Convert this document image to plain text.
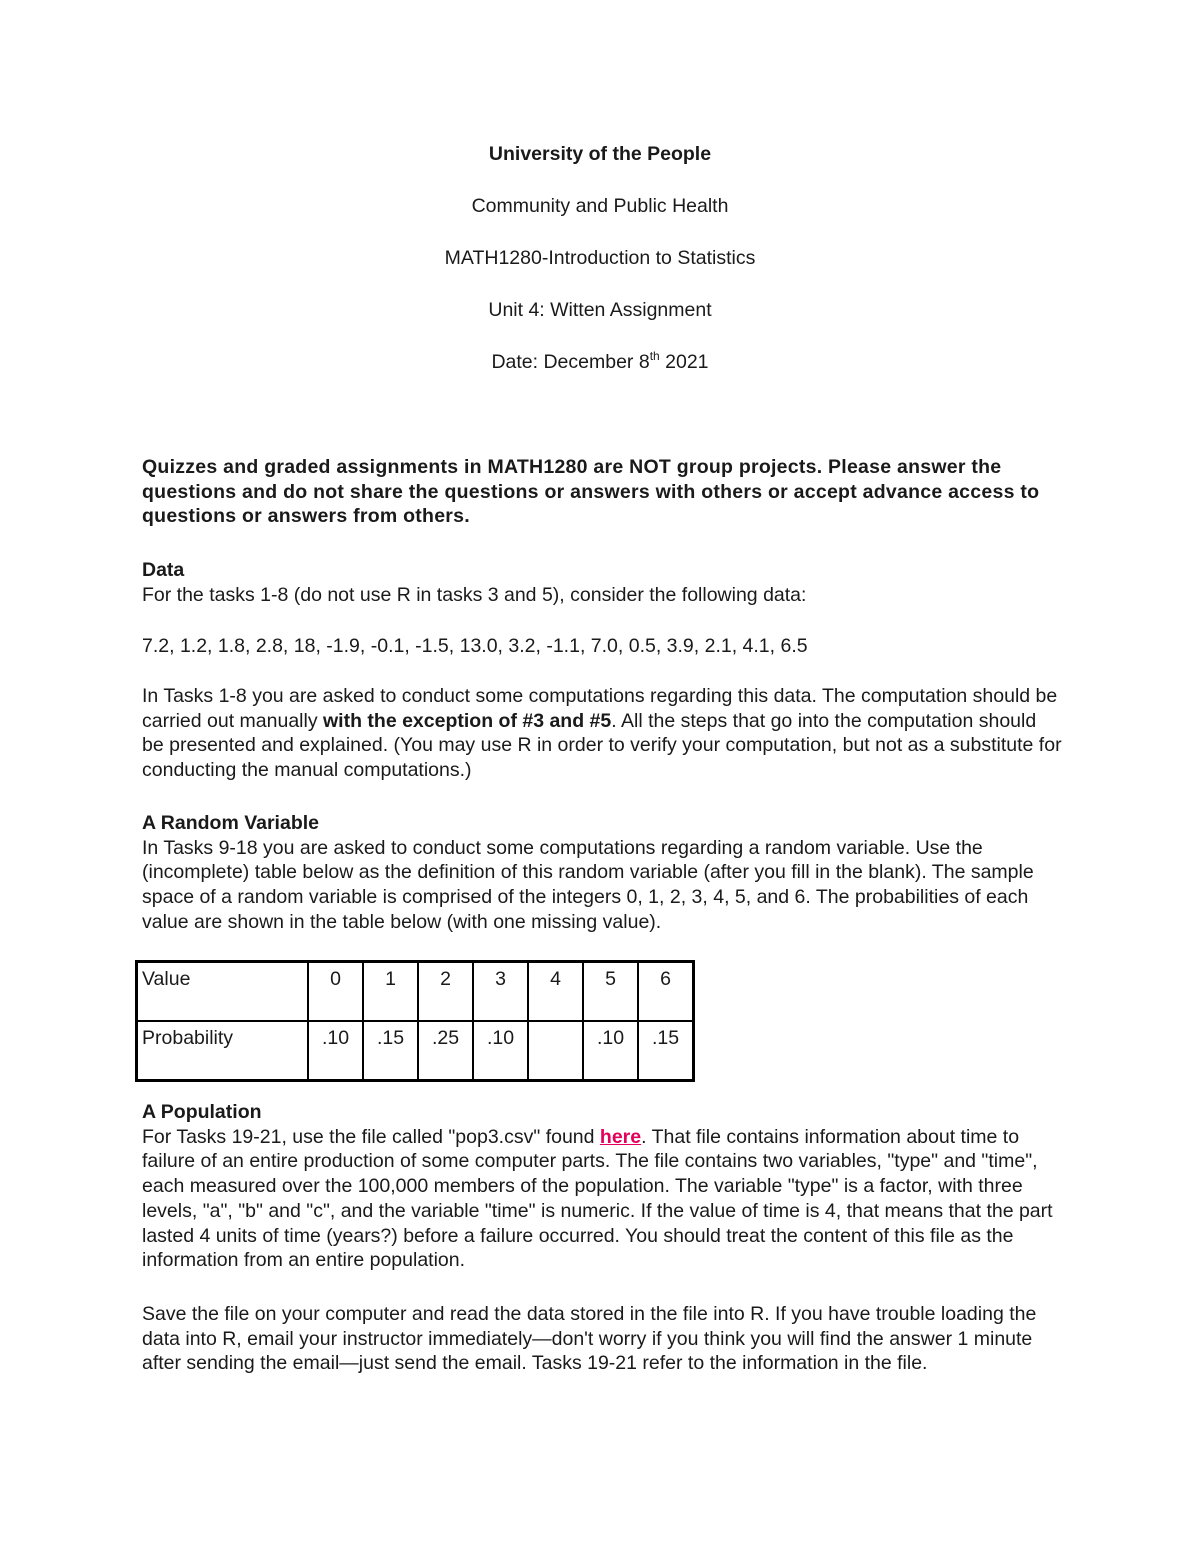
University of the People
Community and Public Health
MATH1280-Introduction to Statistics
Unit 4: Witten Assignment
Date: December 8th 2021
Quizzes and graded assignments in MATH1280 are NOT group projects. Please answer the questions and do not share the questions or answers with others or accept advance access to questions or answers from others.

Data

For the tasks 1-8 (do not use R in tasks 3 and 5), consider the following data:

7.2, 1.2, 1.8, 2.8, 18, -1.9, -0.1, -1.5, 13.0, 3.2, -1.1, 7.0, 0.5, 3.9, 2.1, 4.1, 6.5
In Tasks 1-8 you are asked to conduct some computations regarding this data. The computation should be carried out manually with the exception of #3 and #5. All the steps that go into the computation should be presented and explained. (You may use R in order to verify your computation, but not as a substitute for conducting the manual computations.)

A Random Variable

In Tasks 9-18 you are asked to conduct some computations regarding a random variable. Use the (incomplete) table below as the definition of this random variable (after you fill in the blank). The sample space of a random variable is comprised of the integers 0, 1, 2, 3, 4, 5, and 6. The probabilities of each value are shown in the table below (with one missing value).

Value	0	1	2	3	4	5	6
Probability	.10	.15	.25	.10		.10	.15

A Population

For Tasks 19-21, use the file called "pop3.csv" found here. That file contains information about time to failure of an entire production of some computer parts. The file contains two variables, "type" and "time", each measured over the 100,000 members of the population. The variable "type" is a factor, with three levels, "a", "b" and "c", and the variable "time" is numeric. If the value of time is 4, that means that the part lasted 4 units of time (years?) before a failure occurred. You should treat the content of this file as the information from an entire population.

Save the file on your computer and read the data stored in the file into R. If you have trouble loading the data into R, email your instructor immediately—don't worry if you think you will find the answer 1 minute after sending the email—just send the email. Tasks 19-21 refer to the information in the file.
